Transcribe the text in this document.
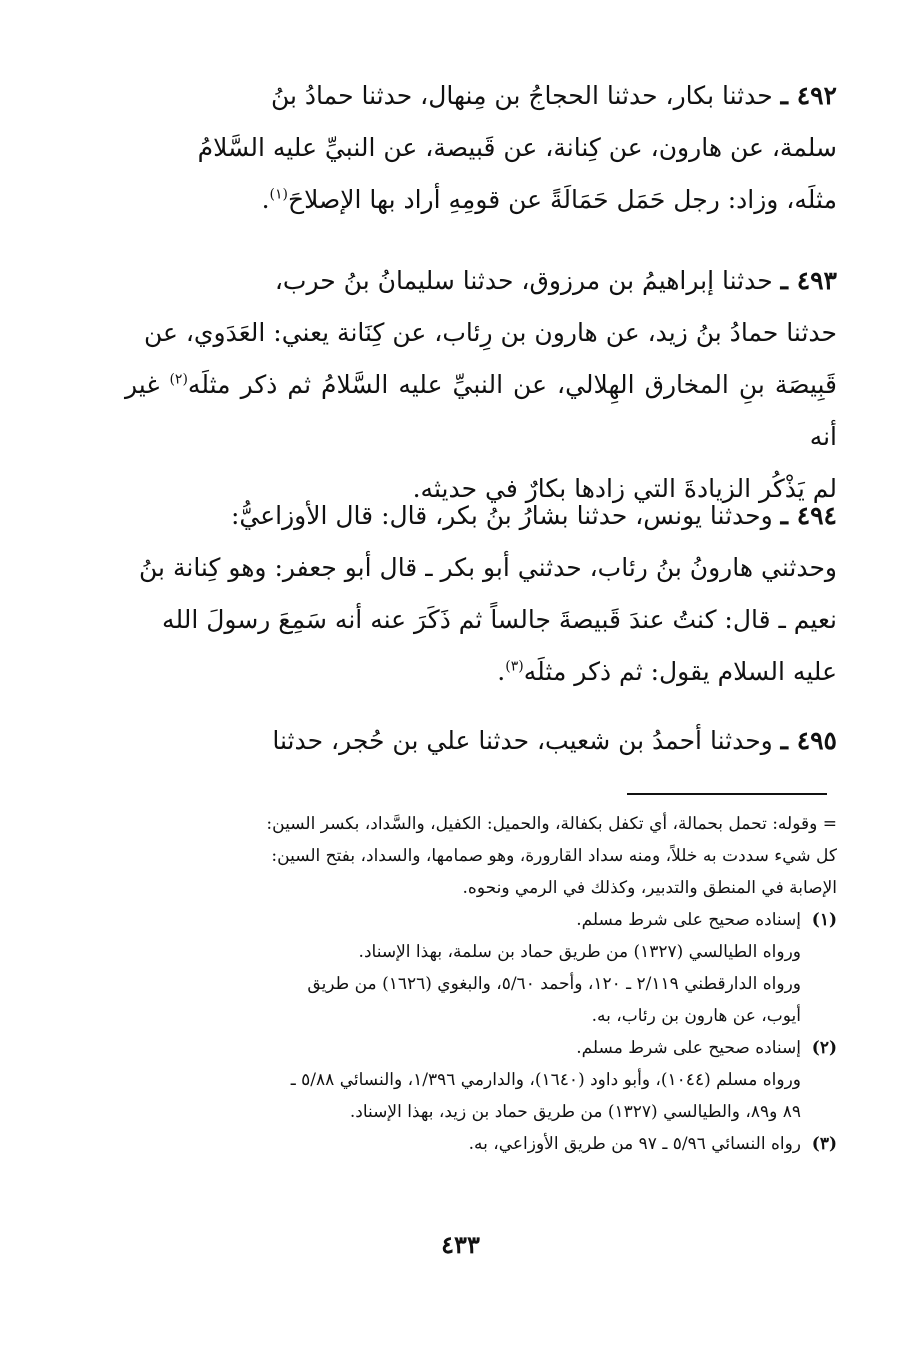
٤٩٢ ـ حدثنا بكار، حدثنا الحجاجُ بن مِنهال، حدثنا حمادُ بنُ
سلمة، عن هارون، عن كِنانة، عن قَبيصة، عن النبيِّ عليه السَّلامُ
مثلَه، وزاد: رجل حَمَل حَمَالَةً عن قومِهِ أراد بها الإصلاحَ$^{(١)}$.
٤٩٣ ـ حدثنا إبراهيمُ بن مرزوق، حدثنا سليمانُ بنُ حرب،
حدثنا حمادُ بنُ زيد، عن هارون بن رِئاب، عن كِنَانة يعني: العَدَوي، عن
قَبِيصَة بنِ المخارق الهِلالي، عن النبيِّ عليه السَّلامُ ثم ذكر مثلَه$^{(٢)}$ غير أنه
لم يَذْكُر الزيادةَ التي زادها بكارٌ في حديثه.
٤٩٤ ـ وحدثنا يونس، حدثنا بشارُ بنُ بكر، قال: قال الأوزاعيُّ:
وحدثني هارونُ بنُ رئاب، حدثني أبو بكر ـ قال أبو جعفر: وهو كِنانة بنُ
نعيم ـ قال: كنتُ عندَ قَبيصةَ جالساً ثم ذَكَرَ عنه أنه سَمِعَ رسولَ الله
عليه السلام يقول: ثم ذكر مثلَه$^{(٣)}$.
٤٩٥ ـ وحدثنا أحمدُ بن شعيب، حدثنا علي بن حُجر، حدثنا
= وقوله: تحمل بحمالة، أي تكفل بكفالة، والحميل: الكفيل، والسَّداد، بكسر السين:
كل شيء سددت به خللاً، ومنه سداد القارورة، وهو صمامها، والسداد، بفتح السين:
الإصابة في المنطق والتدبير، وكذلك في الرمي ونحوه.
(١)
إسناده صحيح على شرط مسلم.
ورواه الطيالسي (١٣٢٧) من طريق حماد بن سلمة، بهذا الإسناد.
ورواه الدارقطني ٢/١١٩ ـ ١٢٠، وأحمد ٥/٦٠، والبغوي (١٦٢٦) من طريق
أيوب، عن هارون بن رئاب، به.
(٢)
إسناده صحيح على شرط مسلم.
ورواه مسلم (١٠٤٤)، وأبو داود (١٦٤٠)، والدارمي ١/٣٩٦، والنسائي ٥/٨٨ ـ
٨٩ و٨٩، والطيالسي (١٣٢٧) من طريق حماد بن زيد، بهذا الإسناد.
(٣)
رواه النسائي ٥/٩٦ ـ ٩٧ من طريق الأوزاعي، به.
٤٣٣
